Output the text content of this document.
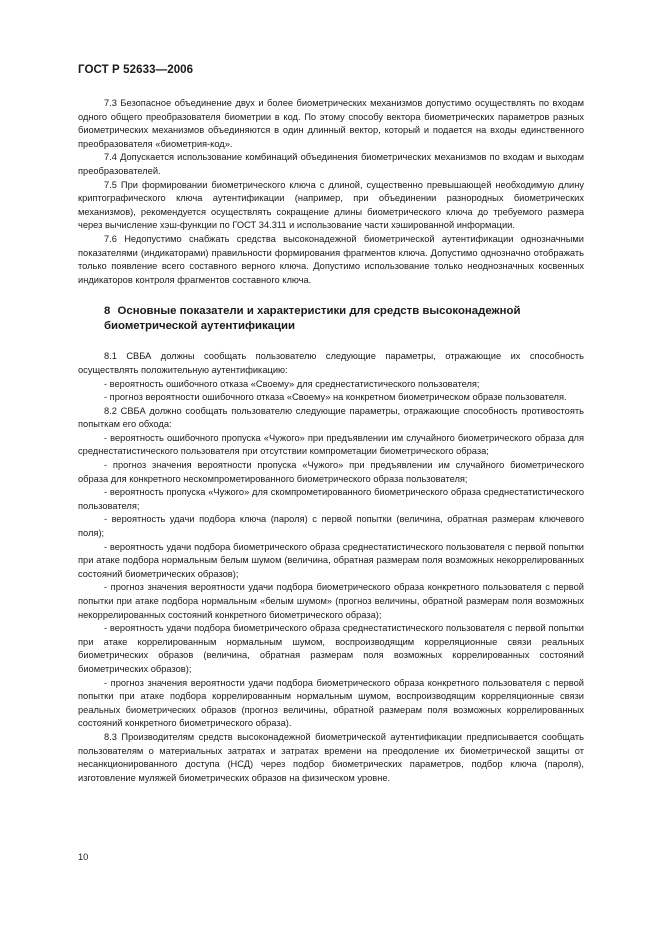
ГОСТ Р 52633—2006

7.3 Безопасное объединение двух и более биометрических механизмов допустимо осуществлять по входам одного общего преобразователя биометрии в код. По этому способу вектора биометрических параметров разных биометрических механизмов объединяются в один длинный вектор, который и подается на входы единственного преобразователя «биометрия-код».

7.4 Допускается использование комбинаций объединения биометрических механизмов по входам и выходам преобразователей.

7.5 При формировании биометрического ключа с длиной, существенно превышающей необходимую длину криптографического ключа аутентификации (например, при объединении разнородных биометрических механизмов), рекомендуется осуществлять сокращение длины биометрического ключа до требуемого размера через вычисление хэш-функции по ГОСТ 34.311 и использование части хэшированной информации.

7.6 Недопустимо снабжать средства высоконадежной биометрической аутентификации однозначными показателями (индикаторами) правильности формирования фрагментов ключа. Допустимо однозначно отображать только появление всего составного верного ключа. Допустимо использование только неоднозначных косвенных индикаторов контроля фрагментов составного ключа.

8 Основные показатели и характеристики для средств высоконадежной биометрической аутентификации

8.1 СВБА должны сообщать пользователю следующие параметры, отражающие их способность осуществлять положительную аутентификацию:

- вероятность ошибочного отказа «Своему» для среднестатистического пользователя;

- прогноз вероятности ошибочного отказа «Своему» на конкретном биометрическом образе пользователя.

8.2 СВБА должно сообщать пользователю следующие параметры, отражающие способность противостоять попыткам его обхода:

- вероятность ошибочного пропуска «Чужого» при предъявлении им случайного биометрического образа для среднестатистического пользователя при отсутствии компрометации биометрического образа;

- прогноз значения вероятности пропуска «Чужого» при предъявлении им случайного биометрического образа для конкретного нескомпрометированного биометрического образа пользователя;

- вероятность пропуска «Чужого» для скомпрометированного биометрического образа среднестатистического пользователя;

- вероятность удачи подбора ключа (пароля) с первой попытки (величина, обратная размерам ключевого поля);

- вероятность удачи подбора биометрического образа среднестатистического пользователя с первой попытки при атаке подбора нормальным белым шумом (величина, обратная размерам поля возможных некоррелированных состояний биометрических образов);

- прогноз значения вероятности удачи подбора биометрического образа конкретного пользователя с первой попытки при атаке подбора нормальным «белым шумом» (прогноз величины, обратной размерам поля возможных некоррелированных состояний конкретного биометрического образа);

- вероятность удачи подбора биометрического образа среднестатистического пользователя с первой попытки при атаке коррелированным нормальным шумом, воспроизводящим корреляционные связи реальных биометрических образов (величина, обратная размерам поля возможных коррелированных состояний биометрических образов);

- прогноз значения вероятности удачи подбора биометрического образа конкретного пользователя с первой попытки при атаке подбора коррелированным нормальным шумом, воспроизводящим корреляционные связи реальных биометрических образов (прогноз величины, обратной размерам поля возможных коррелированных состояний конкретного биометрического образа).

8.3 Производителям средств высоконадежной биометрической аутентификации предписывается сообщать пользователям о материальных затратах и затратах времени на преодоление их биометрической защиты от несанкционированного доступа (НСД) через подбор биометрических параметров, подбор ключа (пароля), изготовление муляжей биометрических образов на физическом уровне.

10
